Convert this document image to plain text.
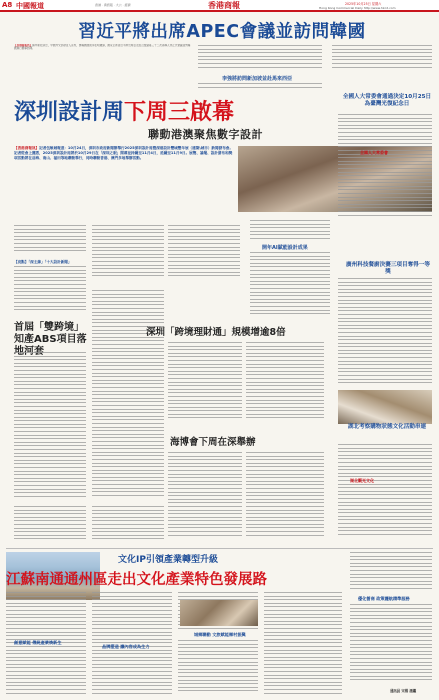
A8 中國報道	香港 · 資訊報 · 大公 · 經濟	香港商報	2025年10月25日 星期六
Hong Kong Commercial Daily http://www.hkcd.com
習近平將出席APEC會議並訪問韓國
【香港商報訊】據中新社消息，中國外交部發言人宣布，應韓國總統李在明邀請，國家主席習近平將出席亞太經合組織第三十二次領導人非正式會議並對韓國進行國事訪問。
李強將訪問新加坡並赴馬來西亞
深圳設計周下周三啟幕
聯動港澳聚焦數字設計
【香港商報訊】記者伍敏城報道：10月24日，深圳市政府新聞辦舉行2025深圳設計周暨深港設計雙城雙年展（建築\城市）新聞發布會。記者從會上獲悉，2025深圳設計周將於10月29日在「深圳之眼」開幕並持續至11月4日，延續至11月9日。展覽、論壇、設計發布和獎項活動將在前海、南山、福田等地聯動舉行，同時聯動香港、澳門多地舉辦活動。
【亮點】「深主線」「十大設計新聞」
首屆「雙跨境」知產ABS項目落
深圳「跨境理財通」規模增逾8倍
海博會下周在深舉辦
開年AI賦能設計成果
全國人大常委會通過決定10月25日為臺灣光復紀念日
全國人大常委會
廣州科技餐廚決賽三項目奪得一等獎
湖北考察購物狀態文化活動串連
湖北觀光文化
文化IP引領產業轉型升級
江蘇南通通州區走出文化產業特色發展路
創意賦能 傳統產業煥新生
品牌塑造 讓內容成為生力
城鄉聯動 文旅賦能鄉村振興
優化營商 政策護航精準服務
通訊員 宋楊 潘繼
